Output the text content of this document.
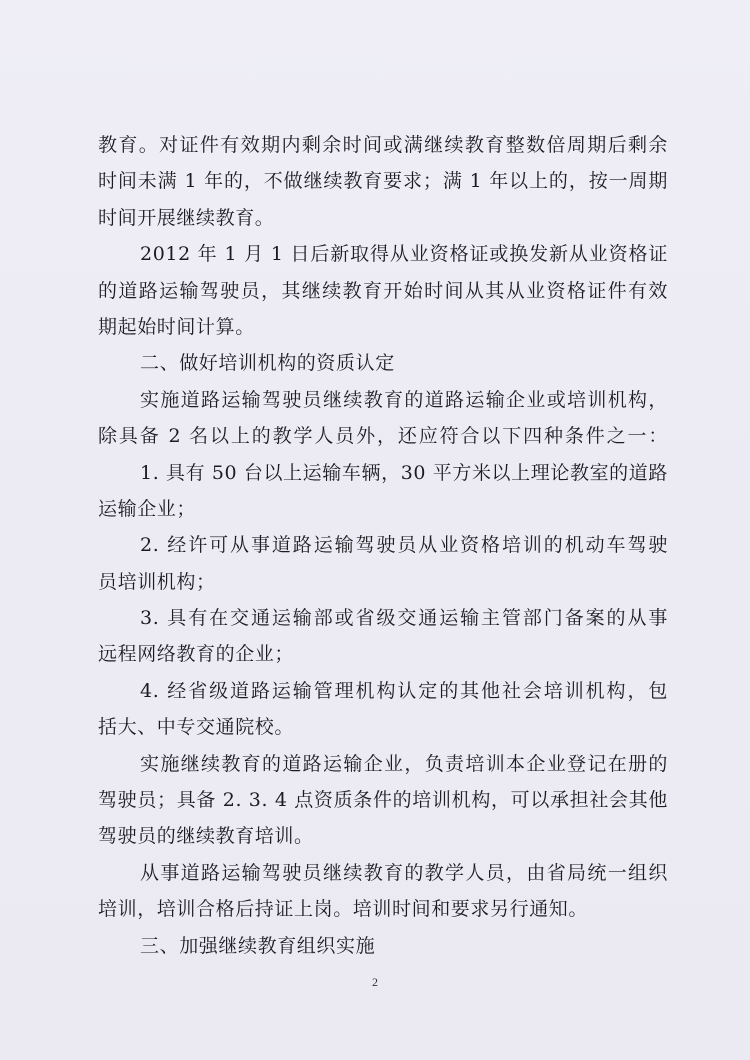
教育。对证件有效期内剩余时间或满继续教育整数倍周期后剩余
时间未满 1 年的，不做继续教育要求；满 1 年以上的，按一周期
时间开展继续教育。
2012 年 1 月 1 日后新取得从业资格证或换发新从业资格证
的道路运输驾驶员，其继续教育开始时间从其从业资格证件有效
期起始时间计算。
二、做好培训机构的资质认定
实施道路运输驾驶员继续教育的道路运输企业或培训机构，
除具备 2 名以上的教学人员外，还应符合以下四种条件之一：
1. 具有 50 台以上运输车辆，30 平方米以上理论教室的道路
运输企业；
2. 经许可从事道路运输驾驶员从业资格培训的机动车驾驶
员培训机构；
3. 具有在交通运输部或省级交通运输主管部门备案的从事
远程网络教育的企业；
4. 经省级道路运输管理机构认定的其他社会培训机构，包
括大、中专交通院校。
实施继续教育的道路运输企业，负责培训本企业登记在册的
驾驶员；具备 2. 3. 4 点资质条件的培训机构，可以承担社会其他
驾驶员的继续教育培训。
从事道路运输驾驶员继续教育的教学人员，由省局统一组织
培训，培训合格后持证上岗。培训时间和要求另行通知。
三、加强继续教育组织实施
2
